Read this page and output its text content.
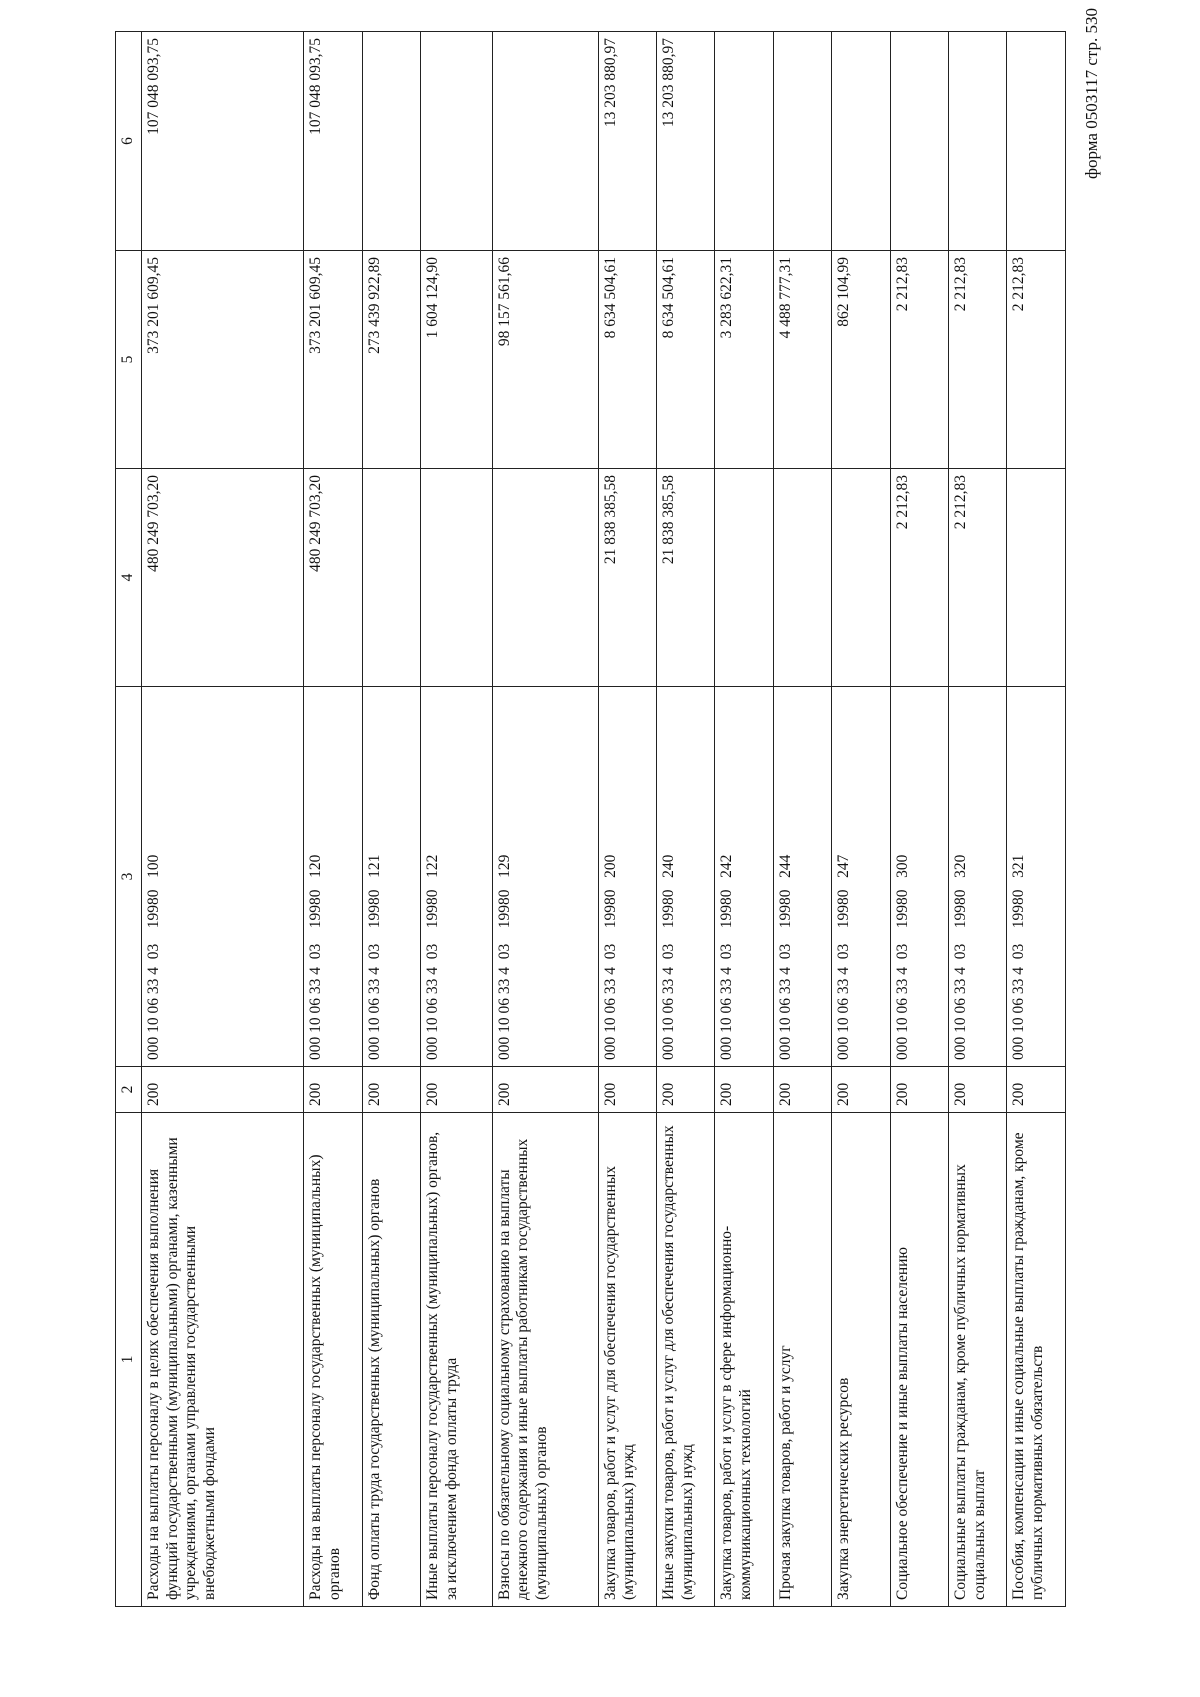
форма 0503117 стр. 530
1	2	3	4	5	6
Расходы на выплаты персоналу в целях обеспечения выполнения функций государственными (муниципальными) органами, казенными учреждениями, органами управления государственными внебюджетными фондами	200	000 10 06 33 4  03    19980   100	480 249 703,20	373 201 609,45	107 048 093,75
Расходы на выплаты персоналу государственных (муниципальных) органов	200	000 10 06 33 4  03    19980   120	480 249 703,20	373 201 609,45	107 048 093,75
Фонд оплаты труда государственных (муниципальных) органов	200	000 10 06 33 4  03    19980   121		273 439 922,89	
Иные выплаты персоналу государственных (муниципальных) органов, за исключением фонда оплаты труда	200	000 10 06 33 4  03    19980   122		1 604 124,90	
Взносы по обязательному социальному страхованию на выплаты денежного содержания и иные выплаты работникам государственных (муниципальных) органов	200	000 10 06 33 4  03    19980   129		98 157 561,66	
Закупка товаров, работ и услуг для обеспечения государственных (муниципальных) нужд	200	000 10 06 33 4  03    19980   200	21 838 385,58	8 634 504,61	13 203 880,97
Иные закупки товаров, работ и услуг для обеспечения государственных (муниципальных) нужд	200	000 10 06 33 4  03    19980   240	21 838 385,58	8 634 504,61	13 203 880,97
Закупка товаров, работ и услуг в сфере информационно-коммуникационных технологий	200	000 10 06 33 4  03    19980   242		3 283 622,31	
Прочая закупка товаров, работ и услуг	200	000 10 06 33 4  03    19980   244		4 488 777,31	
Закупка энергетических ресурсов	200	000 10 06 33 4  03    19980   247		862 104,99	
Социальное обеспечение и иные выплаты населению	200	000 10 06 33 4  03    19980   300	2 212,83	2 212,83	
Социальные выплаты гражданам, кроме публичных нормативных социальных выплат	200	000 10 06 33 4  03    19980   320	2 212,83	2 212,83	
Пособия, компенсации и иные социальные выплаты гражданам, кроме публичных нормативных обязательств	200	000 10 06 33 4  03    19980   321		2 212,83	
